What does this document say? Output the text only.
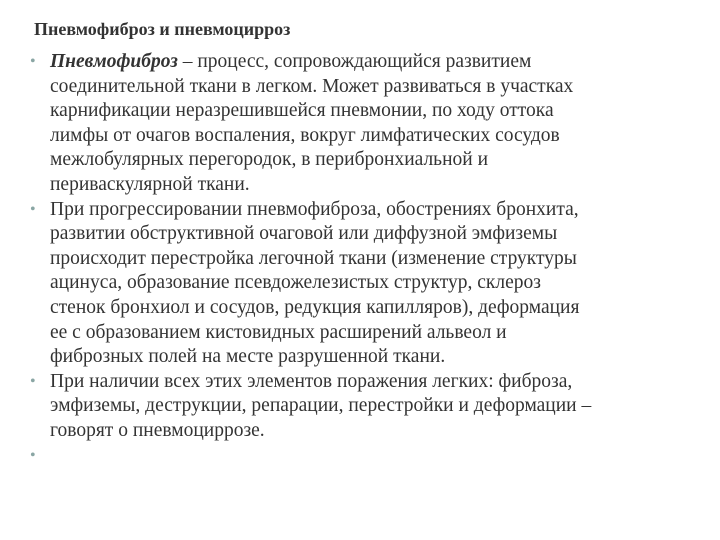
Пневмофиброз и пневмоцирроз
• Пневмофиброз – процесс, сопровождающийся развитием
соединительной ткани в легком. Может развиваться в участках
карнификации неразрешившейся пневмонии, по ходу оттока
лимфы от очагов воспаления, вокруг лимфатических сосудов
межлобулярных перегородок, в перибронхиальной и
периваскулярной ткани.
• При прогрессировании пневмофиброза, обострениях бронхита,
развитии обструктивной очаговой или диффузной эмфиземы
происходит перестройка легочной ткани (изменение структуры
ацинуса, образование псевдожелезистых структур, склероз
стенок бронхиол и сосудов, редукция капилляров), деформация
ее с образованием кистовидных расширений альвеол и
фиброзных полей на месте разрушенной ткани.
• При наличии всех этих элементов поражения легких: фиброза,
эмфиземы, деструкции, репарации, перестройки и деформации –
говорят о пневмоциррозе.
•
